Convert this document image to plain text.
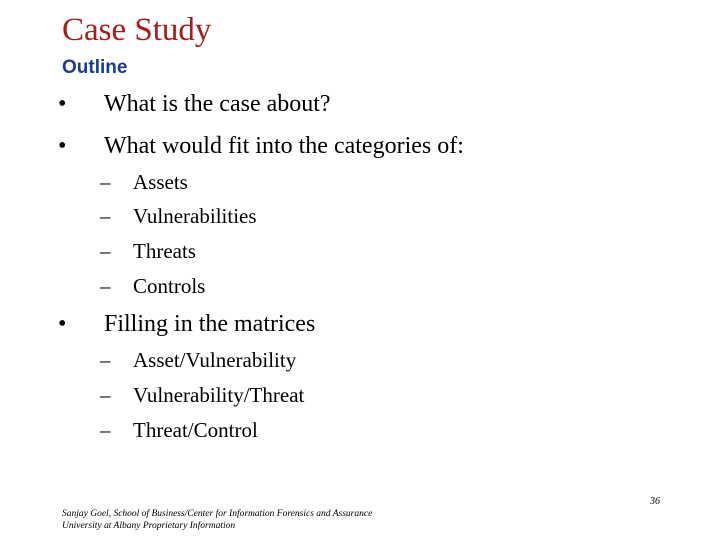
Case Study
Outline
• What is the case about?
• What would fit into the categories of:
– Assets
– Vulnerabilities
– Threats
– Controls
• Filling in the matrices
– Asset/Vulnerability
– Vulnerability/Threat
– Threat/Control
Sanjay Goel, School of Business/Center for Information Forensics and Assurance
University at Albany Proprietary Information
36
